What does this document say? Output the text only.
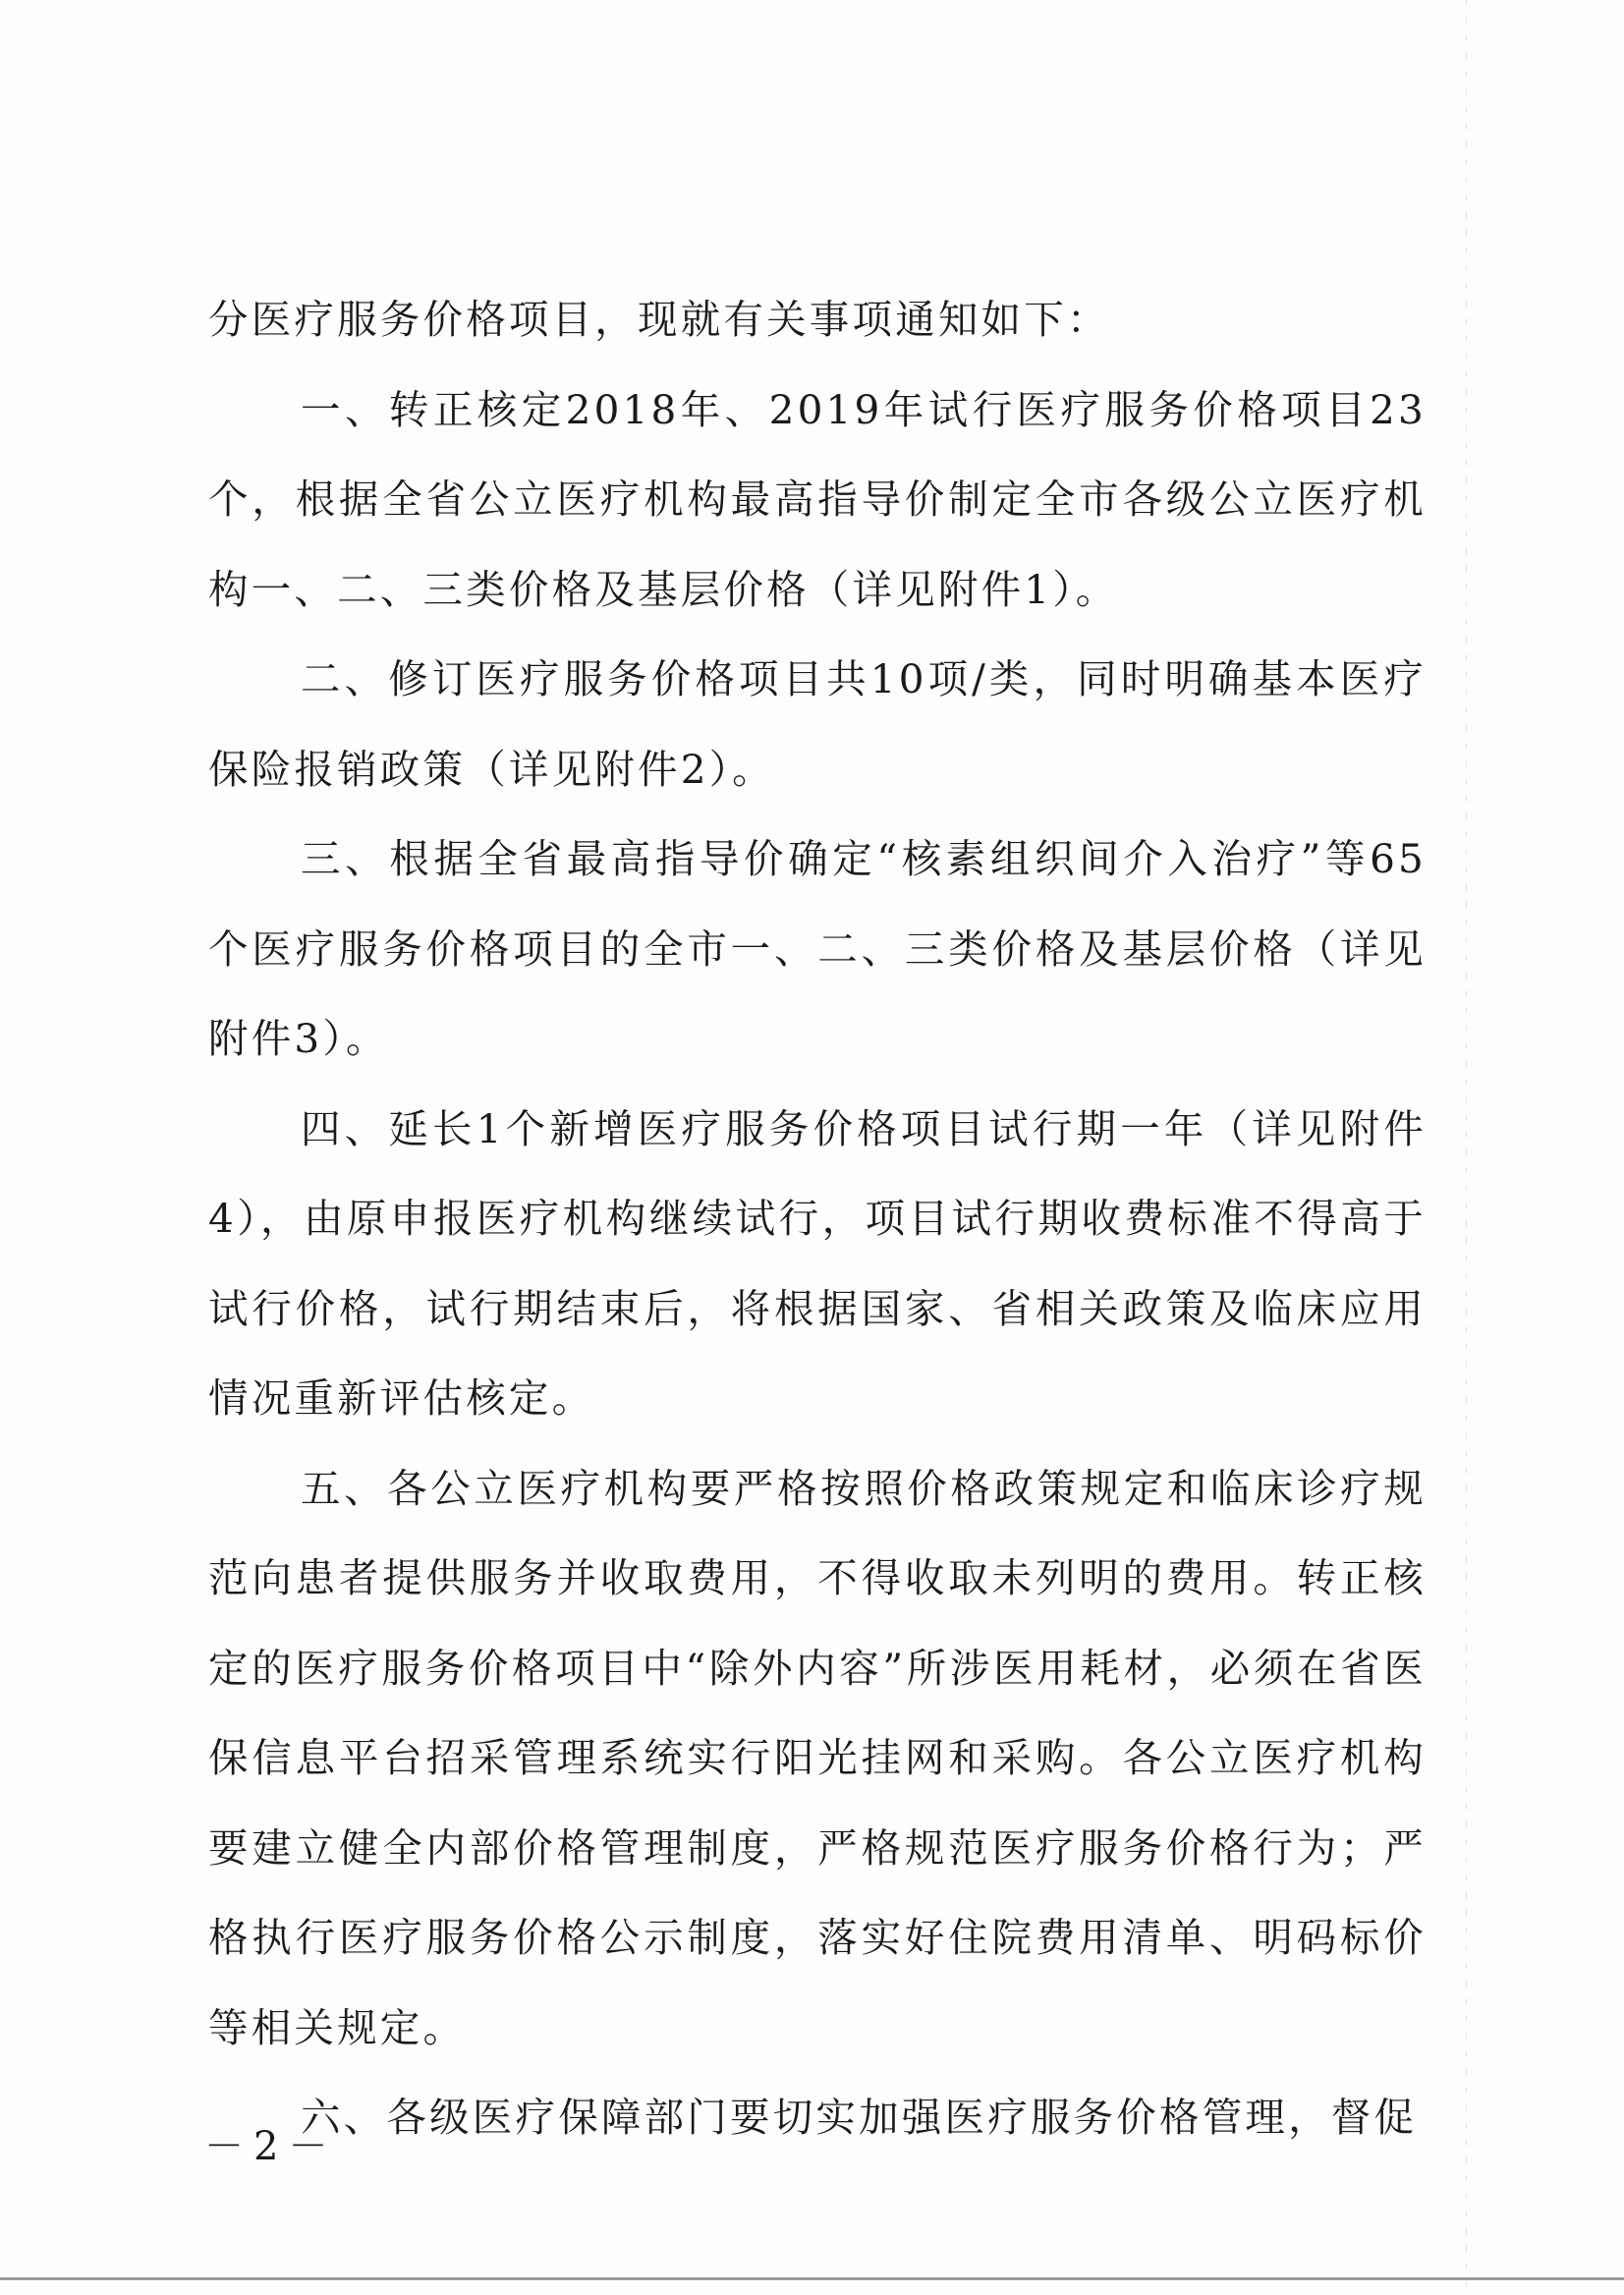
分医疗服务价格项目，现就有关事项通知如下：

一、转正核定2018年、2019年试行医疗服务价格项目23个，根据全省公立医疗机构最高指导价制定全市各级公立医疗机构一、二、三类价格及基层价格（详见附件1）。

二、修订医疗服务价格项目共10项/类，同时明确基本医疗保险报销政策（详见附件2）。

三、根据全省最高指导价确定“核素组织间介入治疗”等65个医疗服务价格项目的全市一、二、三类价格及基层价格（详见附件3）。

四、延长1个新增医疗服务价格项目试行期一年（详见附件4），由原申报医疗机构继续试行，项目试行期收费标准不得高于试行价格，试行期结束后，将根据国家、省相关政策及临床应用情况重新评估核定。

五、各公立医疗机构要严格按照价格政策规定和临床诊疗规范向患者提供服务并收取费用，不得收取未列明的费用。转正核定的医疗服务价格项目中“除外内容”所涉医用耗材，必须在省医保信息平台招采管理系统实行阳光挂网和采购。各公立医疗机构要建立健全内部价格管理制度，严格规范医疗服务价格行为；严格执行医疗服务价格公示制度，落实好住院费用清单、明码标价等相关规定。

六、各级医疗保障部门要切实加强医疗服务价格管理，督促

－2－
